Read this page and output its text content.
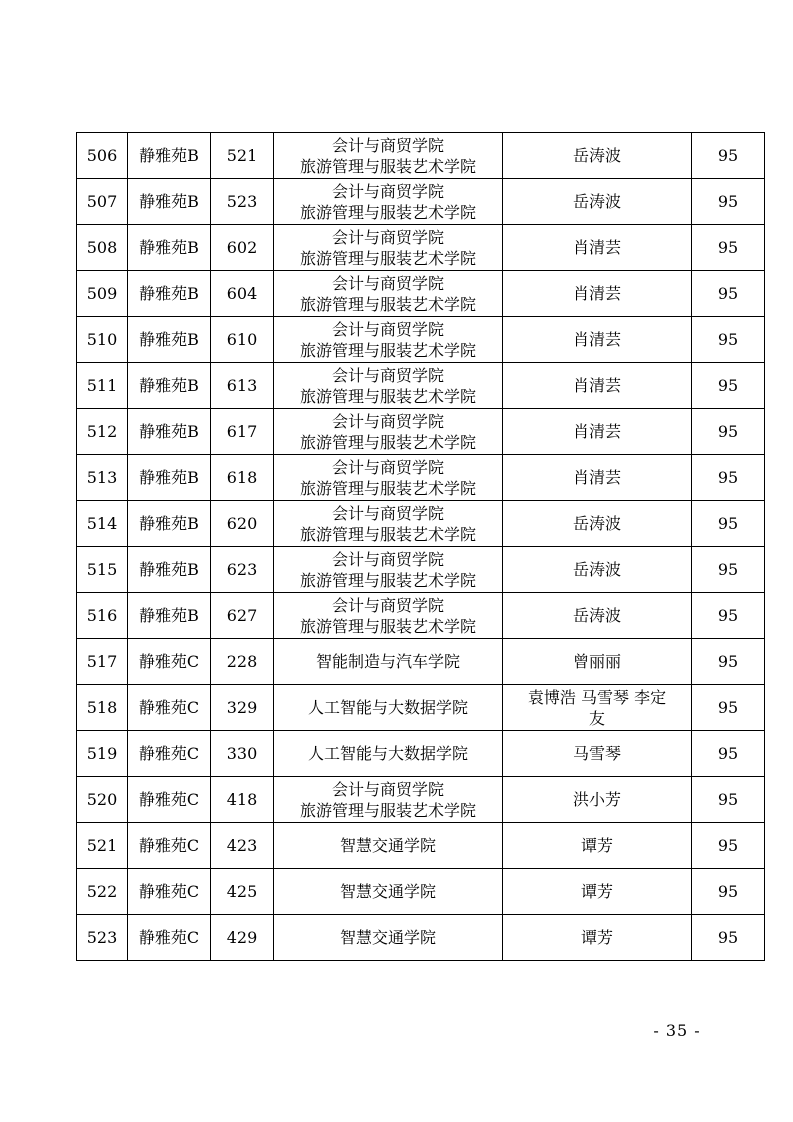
506	静雅苑B	521	会计与商贸学院
旅游管理与服装艺术学院	岳涛波	95
507	静雅苑B	523	会计与商贸学院
旅游管理与服装艺术学院	岳涛波	95
508	静雅苑B	602	会计与商贸学院
旅游管理与服装艺术学院	肖清芸	95
509	静雅苑B	604	会计与商贸学院
旅游管理与服装艺术学院	肖清芸	95
510	静雅苑B	610	会计与商贸学院
旅游管理与服装艺术学院	肖清芸	95
511	静雅苑B	613	会计与商贸学院
旅游管理与服装艺术学院	肖清芸	95
512	静雅苑B	617	会计与商贸学院
旅游管理与服装艺术学院	肖清芸	95
513	静雅苑B	618	会计与商贸学院
旅游管理与服装艺术学院	肖清芸	95
514	静雅苑B	620	会计与商贸学院
旅游管理与服装艺术学院	岳涛波	95
515	静雅苑B	623	会计与商贸学院
旅游管理与服装艺术学院	岳涛波	95
516	静雅苑B	627	会计与商贸学院
旅游管理与服装艺术学院	岳涛波	95
517	静雅苑C	228	智能制造与汽车学院	曾丽丽	95
518	静雅苑C	329	人工智能与大数据学院	袁博浩 马雪琴 李定
友	95
519	静雅苑C	330	人工智能与大数据学院	马雪琴	95
520	静雅苑C	418	会计与商贸学院
旅游管理与服装艺术学院	洪小芳	95
521	静雅苑C	423	智慧交通学院	谭芳	95
522	静雅苑C	425	智慧交通学院	谭芳	95
523	静雅苑C	429	智慧交通学院	谭芳	95
- 35 -
